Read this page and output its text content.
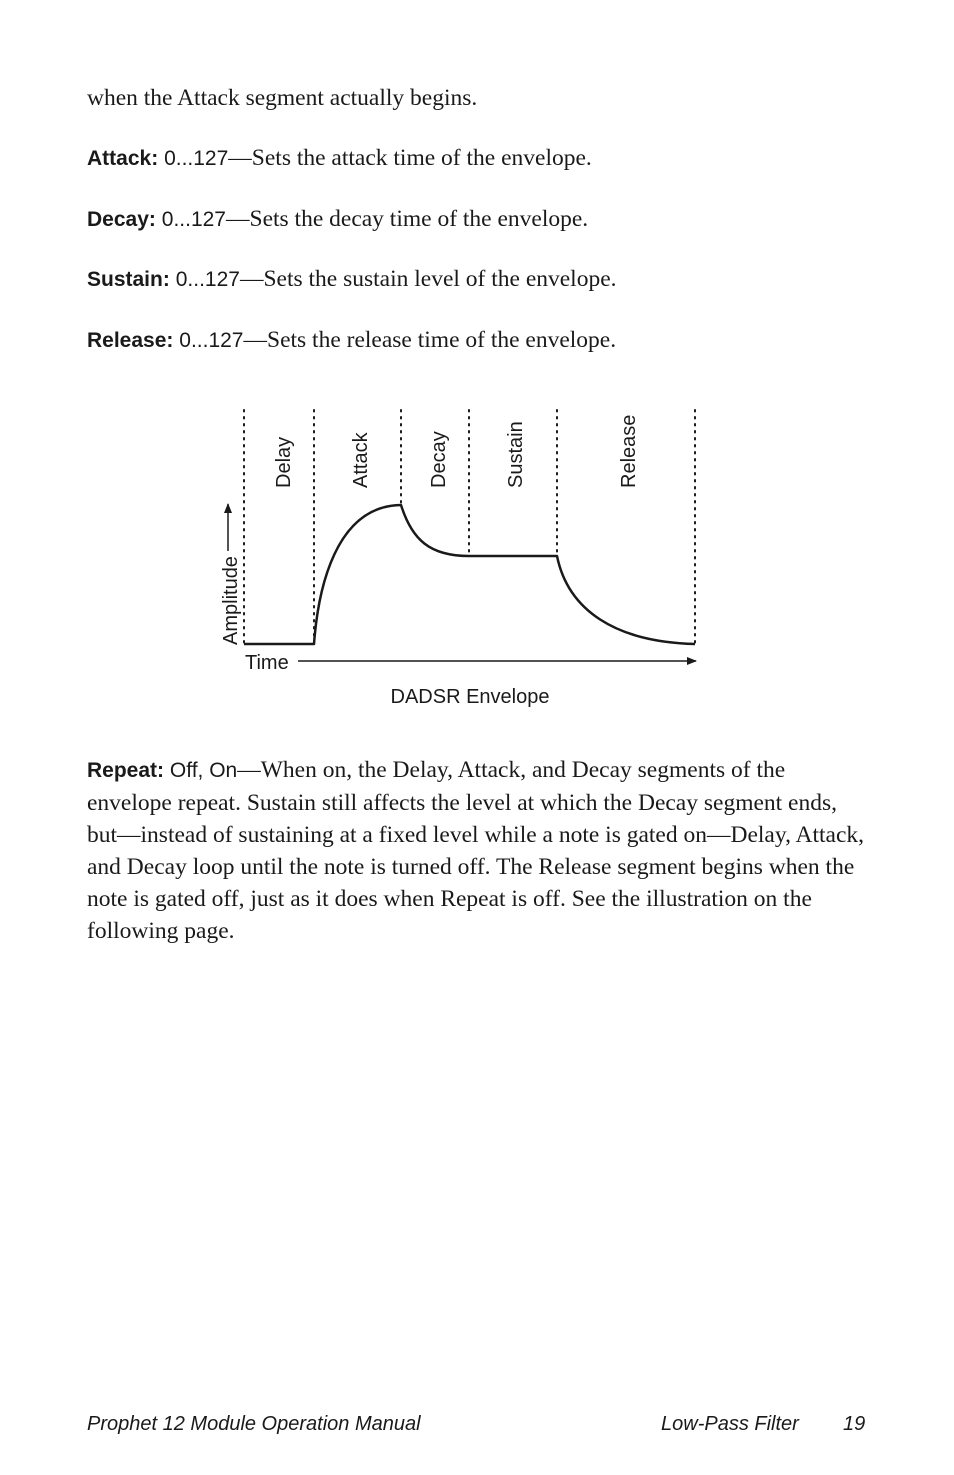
when the Attack segment actually begins.

Attack: 0...127—Sets the attack time of the envelope.

Decay: 0...127—Sets the decay time of the envelope.

Sustain: 0...127—Sets the sustain level of the envelope.

Release: 0...127—Sets the release time of the envelope.

Delay	Attack	Decay	Sustain	Release
Amplitude
Time
DADSR Envelope

Repeat: Off, On—When on, the Delay, Attack, and Decay segments of the envelope repeat. Sustain still affects the level at which the Decay segment ends, but—instead of sustaining at a fixed level while a note is gated on—Delay, Attack, and Decay loop until the note is turned off. The Release segment begins when the note is gated off, just as it does when Repeat is off. See the illustration on the following page.

Prophet 12 Module Operation Manual	Low-Pass Filter 19
